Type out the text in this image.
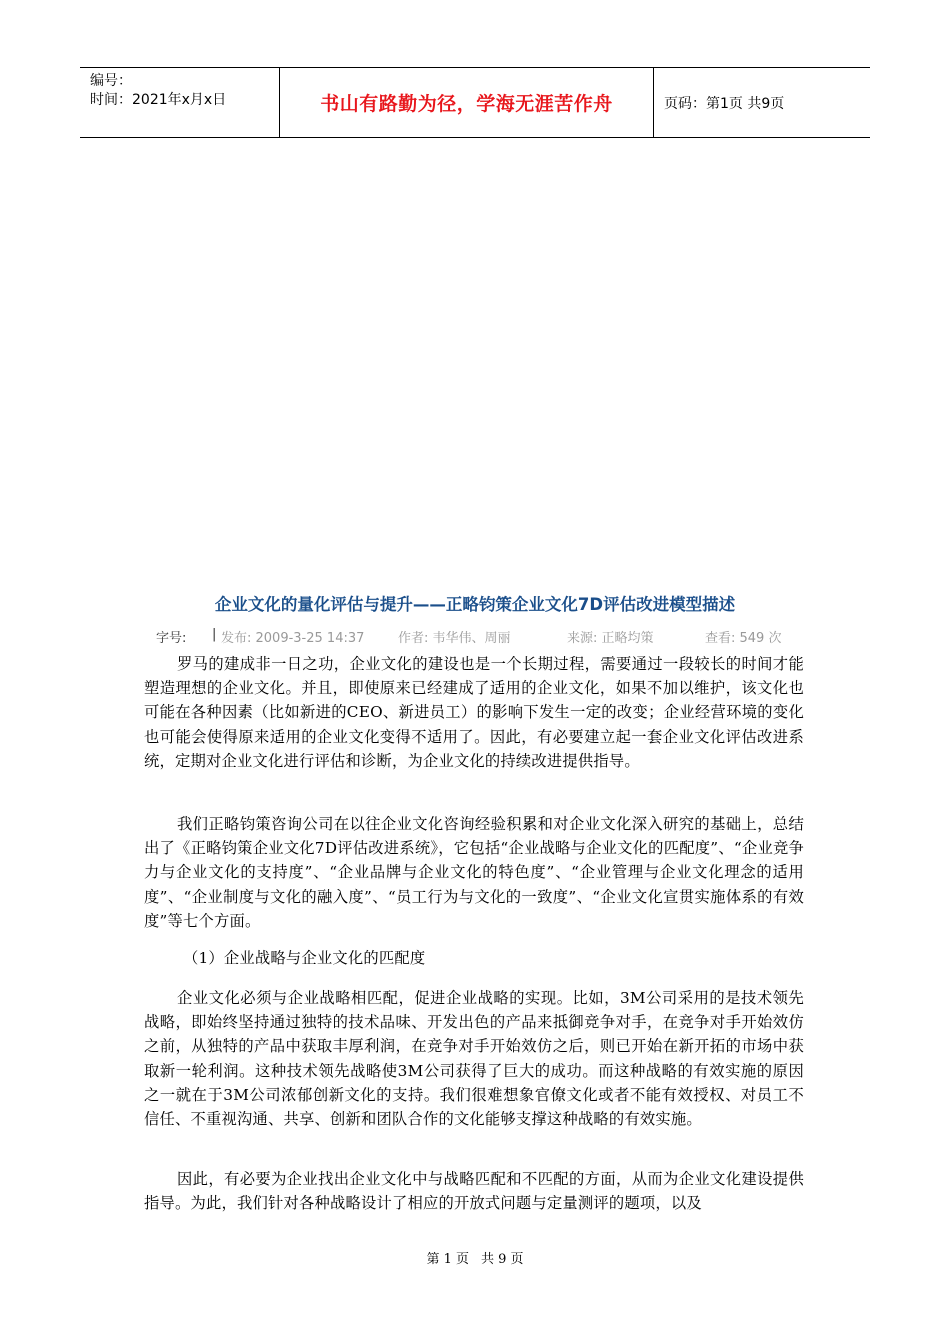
编号：
时间：2021年x月x日	书山有路勤为径，学海无涯苦作舟	页码：第1页 共9页
企业文化的量化评估与提升——正略钧策企业文化7D评估改进模型描述
字号: | 发布: 2009-3-25 14:37	作者: 韦华伟、周丽	来源: 正略均策	查看: 549 次

罗马的建成非一日之功，企业文化的建设也是一个长期过程，需要通过一段较长的时间才能塑造理想的企业文化。并且，即使原来已经建成了适用的企业文化，如果不加以维护，该文化也可能在各种因素（比如新进的CEO、新进员工）的影响下发生一定的改变；企业经营环境的变化也可能会使得原来适用的企业文化变得不适用了。因此，有必要建立起一套企业文化评估改进系统，定期对企业文化进行评估和诊断，为企业文化的持续改进提供指导。

我们正略钧策咨询公司在以往企业文化咨询经验积累和对企业文化深入研究的基础上，总结出了《正略钧策企业文化7D评估改进系统》，它包括“企业战略与企业文化的匹配度”、“企业竞争力与企业文化的支持度”、“企业品牌与企业文化的特色度”、“企业管理与企业文化理念的适用度”、“企业制度与文化的融入度”、“员工行为与文化的一致度”、“企业文化宣贯实施体系的有效度”等七个方面。

（1）企业战略与企业文化的匹配度

企业文化必须与企业战略相匹配，促进企业战略的实现。比如，3M公司采用的是技术领先战略，即始终坚持通过独特的技术品味、开发出色的产品来抵御竞争对手，在竞争对手开始效仿之前，从独特的产品中获取丰厚利润，在竞争对手开始效仿之后，则已开始在新开拓的市场中获取新一轮利润。这种技术领先战略使3M公司获得了巨大的成功。而这种战略的有效实施的原因之一就在于3M公司浓郁创新文化的支持。我们很难想象官僚文化或者不能有效授权、对员工不信任、不重视沟通、共享、创新和团队合作的文化能够支撑这种战略的有效实施。

因此，有必要为企业找出企业文化中与战略匹配和不匹配的方面，从而为企业文化建设提供指导。为此，我们针对各种战略设计了相应的开放式问题与定量测评的题项，以及

第 1 页 共 9 页
